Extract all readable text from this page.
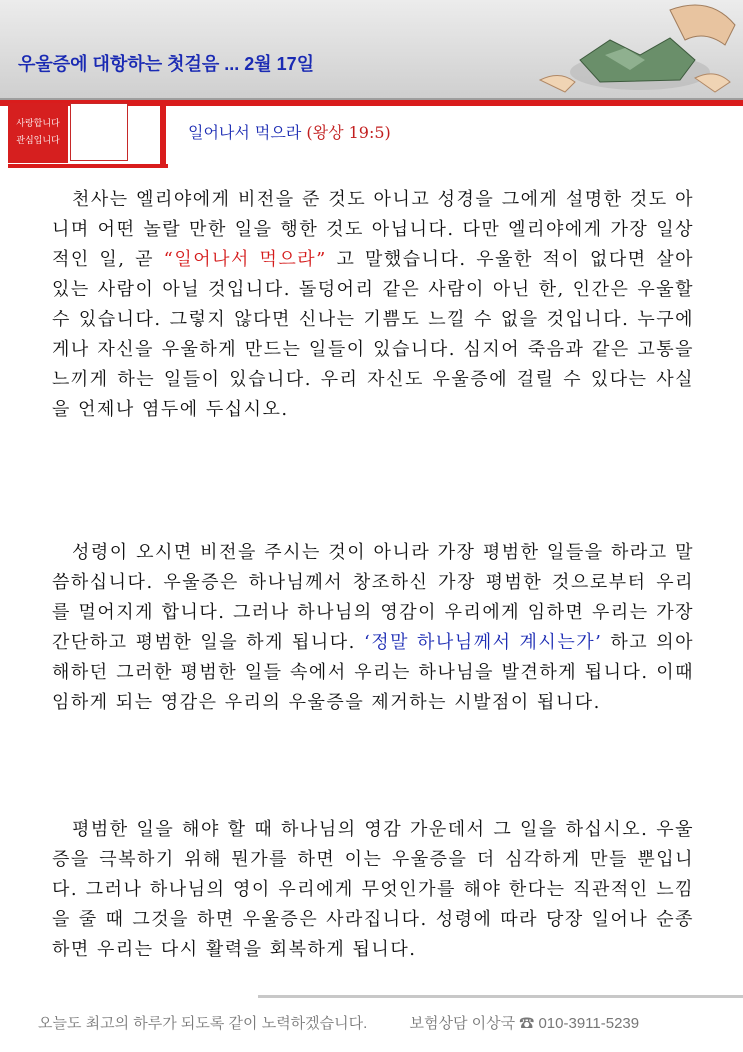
우울증에 대항하는 첫걸음 ... 2월 17일
사랑합니다
관심입니다	일어나서 먹으라 (왕상 19:5)
천사는 엘리야에게 비전을 준 것도 아니고 성경을 그에게 설명한 것도 아니며 어떤 놀랄 만한 일을 행한 것도 아닙니다. 다만 엘리야에게 가장 일상적인 일, 곧 “일어나서 먹으라” 고 말했습니다. 우울한 적이 없다면 살아 있는 사람이 아닐 것입니다. 돌덩어리 같은 사람이 아닌 한, 인간은 우울할 수 있습니다. 그렇지 않다면 신나는 기쁨도 느낄 수 없을 것입니다. 누구에게나 자신을 우울하게 만드는 일들이 있습니다. 심지어 죽음과 같은 고통을 느끼게 하는 일들이 있습니다. 우리 자신도 우울증에 걸릴 수 있다는 사실을 언제나 염두에 두십시오.
성령이 오시면 비전을 주시는 것이 아니라 가장 평범한 일들을 하라고 말씀하십니다. 우울증은 하나님께서 창조하신 가장 평범한 것으로부터 우리를 멀어지게 합니다. 그러나 하나님의 영감이 우리에게 임하면 우리는 가장 간단하고 평범한 일을 하게 됩니다. ‘정말 하나님께서 계시는가’ 하고 의아해하던 그러한 평범한 일들 속에서 우리는 하나님을 발견하게 됩니다. 이때 임하게 되는 영감은 우리의 우울증을 제거하는 시발점이 됩니다.
평범한 일을 해야 할 때 하나님의 영감 가운데서 그 일을 하십시오. 우울증을 극복하기 위해 뭔가를 하면 이는 우울증을 더 심각하게 만들 뿐입니다. 그러나 하나님의 영이 우리에게 무엇인가를 해야 한다는 직관적인 느낌을 줄 때 그것을 하면 우울증은 사라집니다. 성령에 따라 당장 일어나 순종하면 우리는 다시 활력을 회복하게 됩니다.
오늘도 최고의 하루가 되도록 같이 노력하겠습니다.	보험상담 이상국 ☎ 010-3911-5239
